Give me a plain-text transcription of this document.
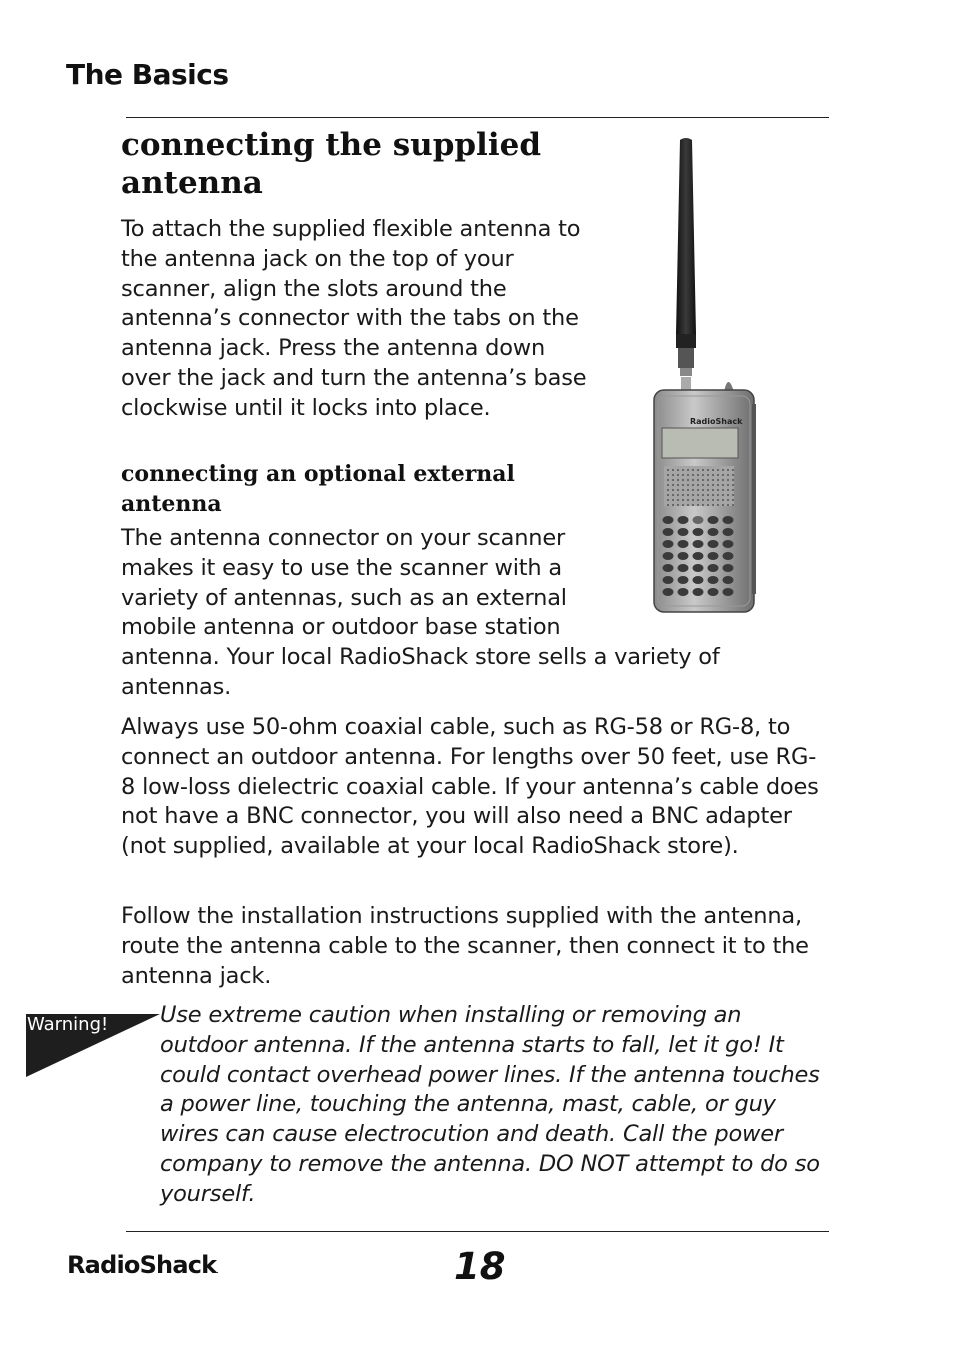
The Basics
connecting the supplied antenna

To attach the supplied flexible antenna to the antenna jack on the top of your scanner, align the slots around the antenna’s connector with the tabs on the antenna jack. Press the antenna down over the jack and turn the antenna’s base clockwise until it locks into place.

connecting an optional external antenna
The antenna connector on your scanner
makes it easy to use the scanner with a
variety of antennas, such as an external
mobile antenna or outdoor base station
antenna. Your local RadioShack store sells a variety of
antennas.

Always use 50-ohm coaxial cable, such as RG-58 or RG-8, to connect an outdoor antenna. For lengths over 50 feet, use RG-8 low-loss dielectric coaxial cable. If your antenna’s cable does not have a BNC connector, you will also need a BNC adapter (not supplied, available at your local RadioShack store).

Follow the installation instructions supplied with the antenna, route the antenna cable to the scanner, then connect it to the antenna jack.

Warning! Use extreme caution when installing or removing an outdoor antenna. If the antenna starts to fall, let it go! It could contact overhead power lines. If the antenna touches a power line, touching the antenna, mast, cable, or guy wires can cause electrocution and death. Call the power company to remove the antenna. DO NOT attempt to do so yourself.

RadioShack
RadioShack.	18
